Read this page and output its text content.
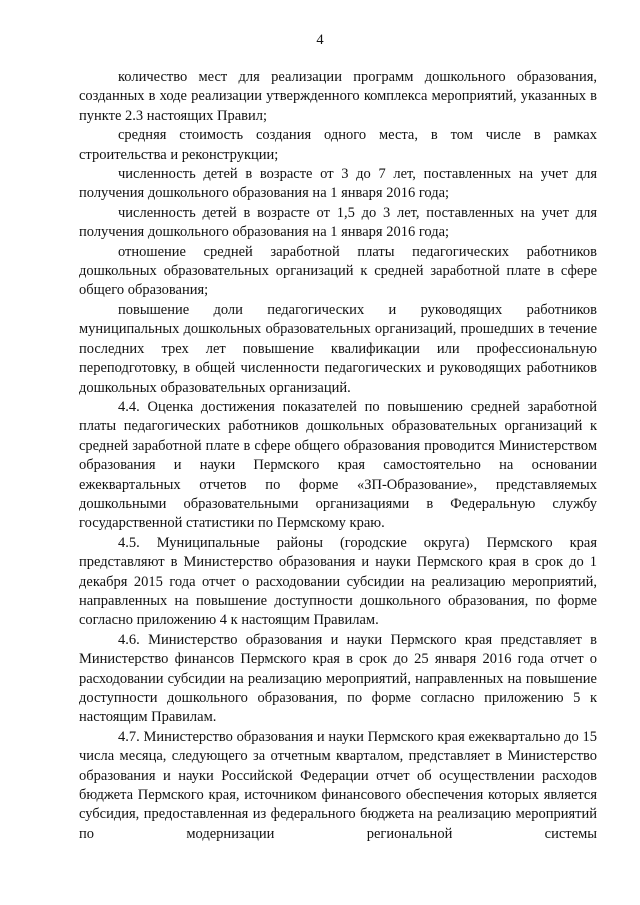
4

количество мест для реализации программ дошкольного образования, созданных в ходе реализации утвержденного комплекса мероприятий, указанных в пункте 2.3 настоящих Правил;

средняя стоимость создания одного места, в том числе в рамках строительства и реконструкции;

численность детей в возрасте от 3 до 7 лет, поставленных на учет для получения дошкольного образования на 1 января 2016 года;

численность детей в возрасте от 1,5 до 3 лет, поставленных на учет для получения дошкольного образования на 1 января 2016 года;

отношение средней заработной платы педагогических работников дошкольных образовательных организаций к средней заработной плате в сфере общего образования;

повышение доли педагогических и руководящих работников муниципальных дошкольных образовательных организаций, прошедших в течение последних трех лет повышение квалификации или профессиональную переподготовку, в общей численности педагогических и руководящих работников дошкольных образовательных организаций.

4.4. Оценка достижения показателей по повышению средней заработной платы педагогических работников дошкольных образовательных организаций к средней заработной плате в сфере общего образования проводится Министерством образования и науки Пермского края самостоятельно на основании ежеквартальных отчетов по форме «ЗП-Образование», представляемых дошкольными образовательными организациями в Федеральную службу государственной статистики по Пермскому краю.

4.5. Муниципальные районы (городские округа) Пермского края представляют в Министерство образования и науки Пермского края в срок до 1 декабря 2015 года отчет о расходовании субсидии на реализацию мероприятий, направленных на повышение доступности дошкольного образования, по форме согласно приложению 4 к настоящим Правилам.

4.6. Министерство образования и науки Пермского края представляет в Министерство финансов Пермского края в срок до 25 января 2016 года отчет о расходовании субсидии на реализацию мероприятий, направленных на повышение доступности дошкольного образования, по форме согласно приложению 5 к настоящим Правилам.

4.7. Министерство образования и науки Пермского края ежеквартально до 15 числа месяца, следующего за отчетным кварталом, представляет в Министерство образования и науки Российской Федерации отчет об осуществлении расходов бюджета Пермского края, источником финансового обеспечения которых является субсидия, предоставленная из федерального бюджета на реализацию мероприятий по модернизации региональной системы
